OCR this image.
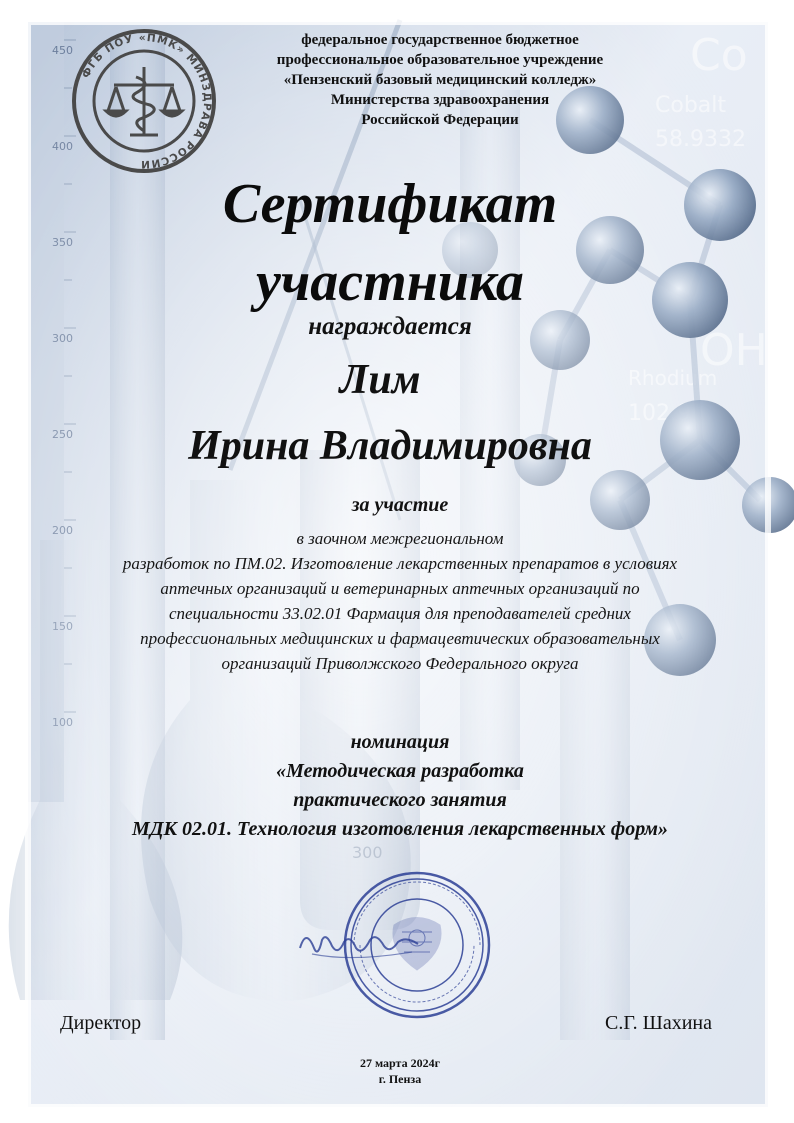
ФГБ ПОУ «ПМК» МИНЗДРАВА РОССИИ
федеральное государственное бюджетное
профессиональное образовательное учреждение
«Пензенский базовый медицинский колледж»
Министерства здравоохранения
Российской Федерации
Сертификат
участника
награждается
Лим
Ирина Владимировна
за участие
в заочном межрегиональном
разработок по ПМ.02. Изготовление лекарственных препаратов в условиях
аптечных организаций и ветеринарных аптечных организаций по
специальности 33.02.01 Фармация для преподавателей средних
профессиональных медицинских и фармацевтических образовательных
организаций Приволжского Федерального округа
номинация
«Методическая разработка
практического занятия
МДК 02.01. Технология изготовления лекарственных форм»
Директор	С.Г. Шахина
27 марта 2024г
г. Пенза
